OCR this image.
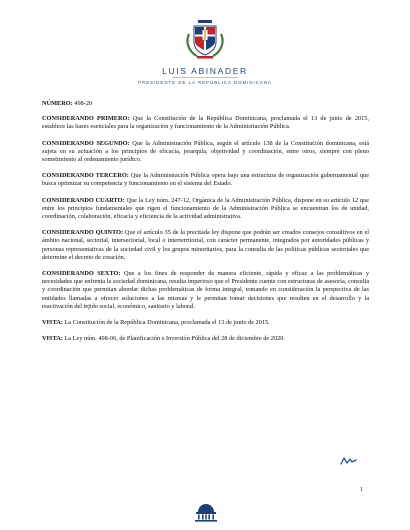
LUIS ABINADER
PRESIDENTE DE LA REPÚBLICA DOMINICANA

NÚMERO: 498-20

CONSIDERANDO PRIMERO: Que la Constitución de la República Dominicana, proclamada el 13 de junio de 2015, establece las bases esenciales para la organización y funcionamiento de la Administración Pública.

CONSIDERANDO SEGUNDO: Que la Administración Pública, según el artículo 138 de la Constitución dominicana, está sujeta en su actuación a los principios de eficacia, jerarquía, objetividad y coordinación, entre otros, siempre con pleno sometimiento al ordenamiento jurídico.

CONSIDERANDO TERCERO: Que la Administración Pública opera bajo una estructura de organización gubernamental que busca optimizar su competencia y funcionamiento en el sistema del Estado.

CONSIDERANDO CUARTO: Que la Ley núm. 247-12, Orgánica de la Administración Pública, dispone en su artículo 12 que entre los principios fundamentales que rigen el funcionamiento de la Administración Pública se encuentran los de unidad, coordinación, colaboración, eficacia y eficiencia de la actividad administrativa.

CONSIDERANDO QUINTO: Que el artículo 35 de la precitada ley dispone que podrán ser creados consejos consultivos en el ámbito nacional, sectorial, intersectorial, local o interterritorial, con carácter permanente, integrados por autoridades públicas y personas representativas de la sociedad civil y los grupos minoritarios, para la consulta de las políticas públicas sectoriales que determine el decreto de creación.

CONSIDERANDO SEXTO: Que a los fines de responder de manera eficiente, rápida y eficaz a las problemáticas y necesidades que enfrenta la sociedad dominicana, resulta imperioso que el Presidente cuente con estructuras de asesoría, consulta y coordinación que permitan abordar dichas problemáticas de forma integral, tomando en consideración la perspectiva de las entidades llamadas a ofrecer soluciones a las mismas y le permitan tomar decisiones que resulten en el desarrollo y la reactivación del tejido social, económico, sanitario y laboral.

VISTA: La Constitución de la República Dominicana, proclamada el 13 de junio de 2015.

VISTA: La Ley núm. 498-06, de Planificación e Inversión Pública del 28 de diciembre de 2020.

1
